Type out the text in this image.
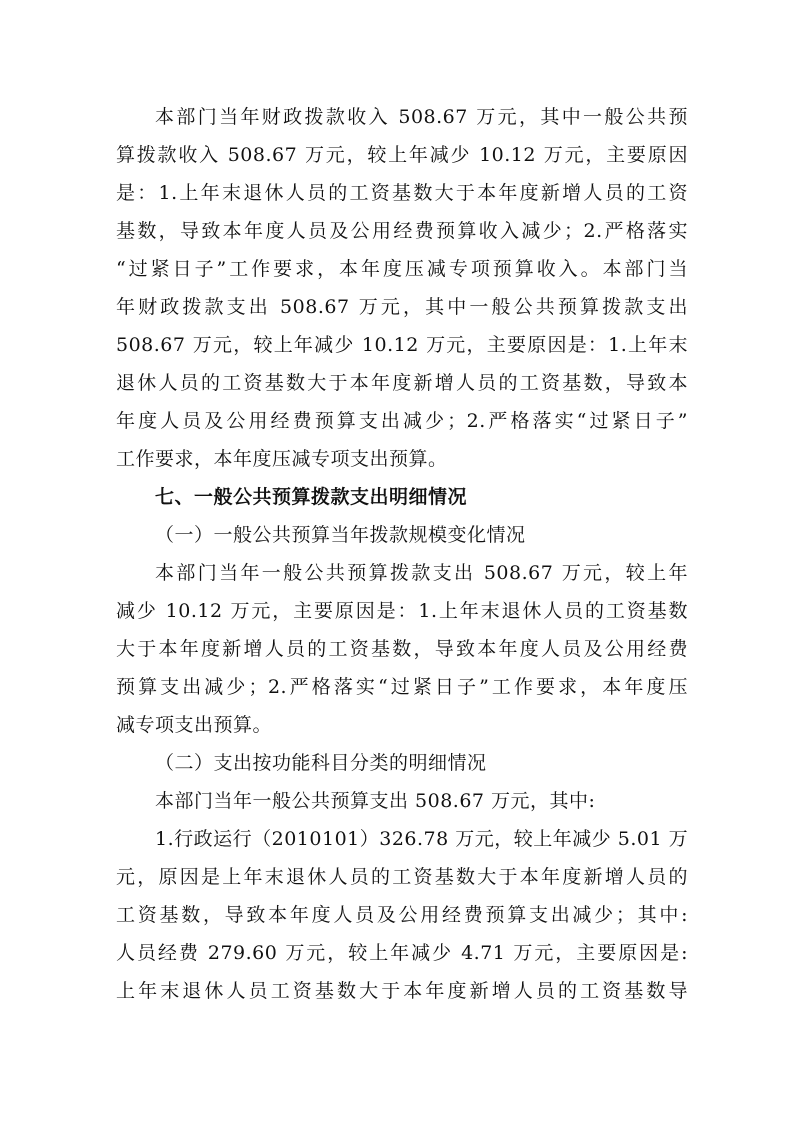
本部门当年财政拨款收入 508.67 万元，其中一般公共预
算拨款收入 508.67 万元，较上年减少 10.12 万元，主要原因
是：1.上年末退休人员的工资基数大于本年度新增人员的工资
基数，导致本年度人员及公用经费预算收入减少；2.严格落实
“过紧日子”工作要求，本年度压减专项预算收入。本部门当
年财政拨款支出 508.67 万元，其中一般公共预算拨款支出
508.67 万元，较上年减少 10.12 万元，主要原因是：1.上年末
退休人员的工资基数大于本年度新增人员的工资基数，导致本
年度人员及公用经费预算支出减少；2.严格落实“过紧日子”
工作要求，本年度压减专项支出预算。
七、一般公共预算拨款支出明细情况
（一）一般公共预算当年拨款规模变化情况
本部门当年一般公共预算拨款支出 508.67 万元，较上年
减少 10.12 万元，主要原因是：1.上年末退休人员的工资基数
大于本年度新增人员的工资基数，导致本年度人员及公用经费
预算支出减少；2.严格落实“过紧日子”工作要求，本年度压
减专项支出预算。
（二）支出按功能科目分类的明细情况
本部门当年一般公共预算支出 508.67 万元，其中:
1.行政运行（2010101）326.78 万元，较上年减少 5.01 万
元，原因是上年末退休人员的工资基数大于本年度新增人员的
工资基数，导致本年度人员及公用经费预算支出减少；其中:
人员经费 279.60 万元，较上年减少 4.71 万元，主要原因是:
上年末退休人员工资基数大于本年度新增人员的工资基数导
